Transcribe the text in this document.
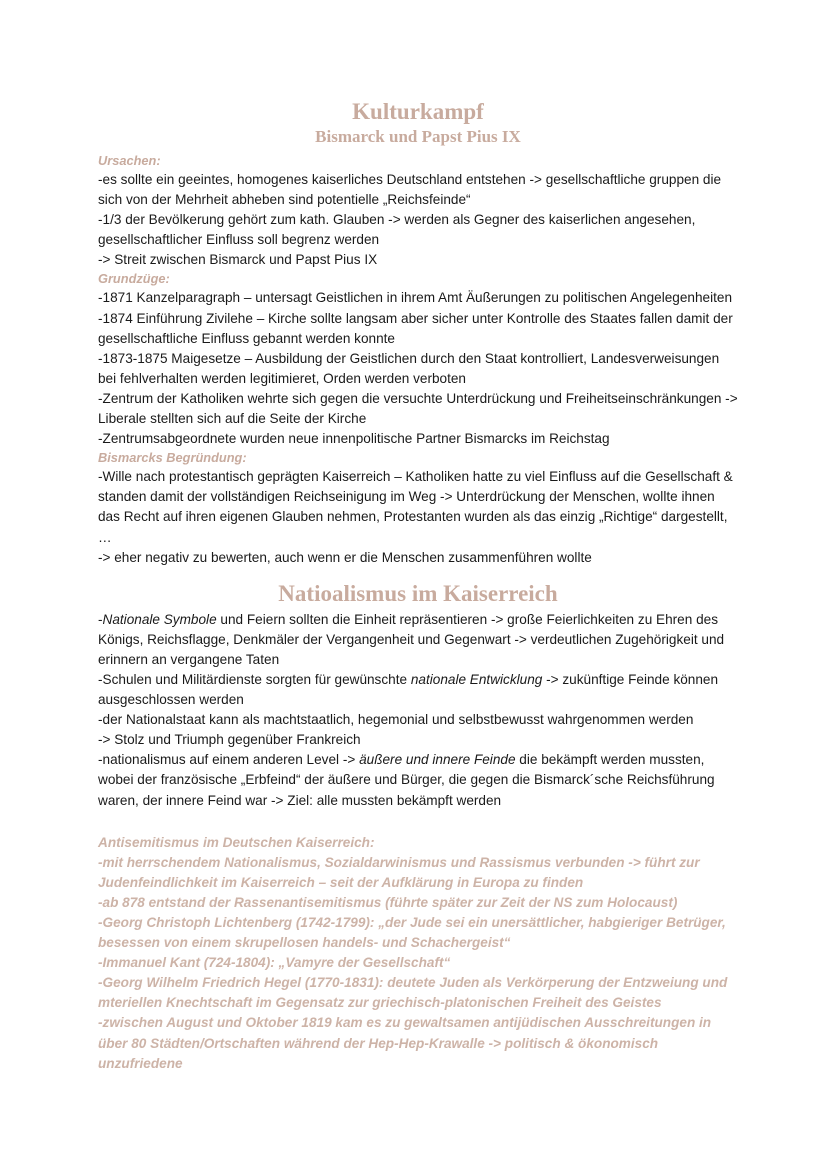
Kulturkampf
Bismarck und Papst Pius IX
Ursachen:

-es sollte ein geeintes, homogenes kaiserliches Deutschland entstehen -> gesellschaftliche gruppen die sich von der Mehrheit abheben sind potentielle „Reichsfeinde“

-1/3 der Bevölkerung gehört zum kath. Glauben -> werden als Gegner des kaiserlichen angesehen, gesellschaftlicher Einfluss soll begrenz werden

-> Streit zwischen Bismarck und Papst Pius IX

Grundzüge:

-1871 Kanzelparagraph – untersagt Geistlichen in ihrem Amt Äußerungen zu politischen Angelegenheiten

-1874 Einführung Zivilehe – Kirche sollte langsam aber sicher unter Kontrolle des Staates fallen damit der gesellschaftliche Einfluss gebannt werden konnte

-1873-1875 Maigesetze – Ausbildung der Geistlichen durch den Staat kontrolliert, Landesverweisungen bei fehlverhalten werden legitimieret, Orden werden verboten

-Zentrum der Katholiken wehrte sich gegen die versuchte Unterdrückung und Freiheitseinschränkungen -> Liberale stellten sich auf die Seite der Kirche

-Zentrumsabgeordnete wurden neue innenpolitische Partner Bismarcks im Reichstag

Bismarcks Begründung:

-Wille nach protestantisch geprägten Kaiserreich – Katholiken hatte zu viel Einfluss auf die Gesellschaft & standen damit der vollständigen Reichseinigung im Weg -> Unterdrückung der Menschen, wollte ihnen das Recht auf ihren eigenen Glauben nehmen, Protestanten wurden als das einzig „Richtige“ dargestellt, …

-> eher negativ zu bewerten, auch wenn er die Menschen zusammenführen wollte

Natioalismus im Kaiserreich

-Nationale Symbole und Feiern sollten die Einheit repräsentieren -> große Feierlichkeiten zu Ehren des Königs, Reichsflagge, Denkmäler der Vergangenheit und Gegenwart -> verdeutlichen Zugehörigkeit und erinnern an vergangene Taten

-Schulen und Militärdienste sorgten für gewünschte nationale Entwicklung -> zukünftige Feinde können ausgeschlossen werden

-der Nationalstaat kann als machtstaatlich, hegemonial und selbstbewusst wahrgenommen werden

-> Stolz und Triumph gegenüber Frankreich

-nationalismus auf einem anderen Level -> äußere und innere Feinde die bekämpft werden mussten, wobei der französische „Erbfeind“ der äußere und Bürger, die gegen die Bismarck´sche Reichsführung waren, der innere Feind war -> Ziel: alle mussten bekämpft werden

Antisemitismus im Deutschen Kaiserreich:

-mit herrschendem Nationalismus, Sozialdarwinismus und Rassismus verbunden -> führt zur Judenfeindlichkeit im Kaiserreich – seit der Aufklärung in Europa zu finden

-ab 878 entstand der Rassenantisemitismus (führte später zur Zeit der NS zum Holocaust)

-Georg Christoph Lichtenberg (1742-1799): „der Jude sei ein unersättlicher, habgieriger Betrüger, besessen von einem skrupellosen handels- und Schachergeist“

-Immanuel Kant (724-1804): „Vamyre der Gesellschaft“

-Georg Wilhelm Friedrich Hegel (1770-1831): deutete Juden als Verkörperung der Entzweiung und mteriellen Knechtschaft im Gegensatz zur griechisch-platonischen Freiheit des Geistes

-zwischen August und Oktober 1819 kam es zu gewaltsamen antijüdischen Ausschreitungen in über 80 Städten/Ortschaften während der Hep-Hep-Krawalle -> politisch & ökonomisch unzufriedene
